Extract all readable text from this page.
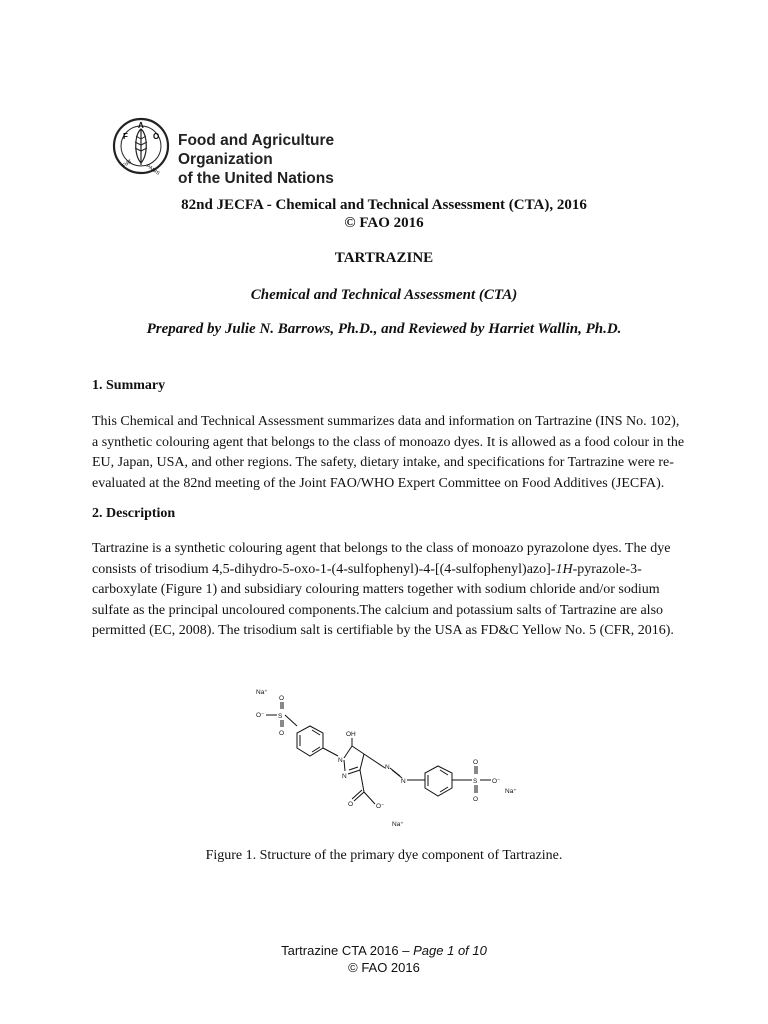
F
A
O
FIAT PANIS
Food and Agriculture Organization
of the United Nations
82nd JECFA - Chemical and Technical Assessment (CTA), 2016
© FAO 2016
TARTRAZINE
Chemical and Technical Assessment (CTA)
Prepared by Julie N. Barrows, Ph.D., and Reviewed by Harriet Wallin, Ph.D.
1. Summary
This Chemical and Technical Assessment summarizes data and information on Tartrazine (INS No. 102),
a synthetic colouring agent that belongs to the class of monoazo dyes. It is allowed as a food colour in the
EU, Japan, USA, and other regions. The safety, dietary intake, and specifications for Tartrazine were re-
evaluated at the 82nd meeting of the Joint FAO/WHO Expert Committee on Food Additives (JECFA).
2. Description
Tartrazine is a synthetic colouring agent that belongs to the class of monoazo pyrazolone dyes. The dye
consists of trisodium 4,5-dihydro-5-oxo-1-(4-sulfophenyl)-4-[(4-sulfophenyl)azo]-1H-pyrazole-3-
carboxylate (Figure 1) and subsidiary colouring matters together with sodium chloride and/or sodium
sulfate as the principal uncoloured components.The calcium and potassium salts of Tartrazine are also
permitted (EC, 2008). The trisodium salt is certifiable by the USA as FD&C Yellow No. 5 (CFR, 2016).
Na⁺
O⁻ S
O
O	OH
N
N
N
N	S
O
O
O⁻
Na⁺
O	O⁻
Na⁺
Figure 1. Structure of the primary dye component of Tartrazine.
Tartrazine CTA 2016 – Page 1 of 10
© FAO 2016
